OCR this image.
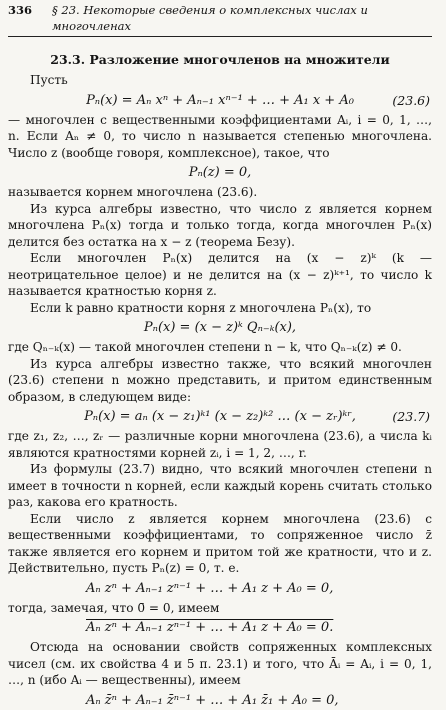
336 § 23. Некоторые сведения о комплексных числах и многочленах
23.3. Разложение многочленов на множители

Пусть

Pₙ(x) = Aₙ xⁿ + Aₙ₋₁ xⁿ⁻¹ + … + A₁ x + A₀	(23.6)

— многочлен с вещественными коэффициентами Aᵢ, i = 0, 1, …, n. Если Aₙ ≠ 0, то число n называется степенью многочлена. Число z (вообще говоря, комплексное), такое, что

Pₙ(z) = 0,

называется корнем многочлена (23.6).

Из курса алгебры известно, что число z является корнем многочлена Pₙ(x) тогда и только тогда, когда многочлен Pₙ(x) делится без остатка на x − z (теорема Безу).

Если многочлен Pₙ(x) делится на (x − z)ᵏ (k — неотрицательное целое) и не делится на (x − z)ᵏ⁺¹, то число k называется кратностью корня z.

Если k равно кратности корня z многочлена Pₙ(x), то

Pₙ(x) = (x − z)ᵏ Qₙ₋ₖ(x),

где Qₙ₋ₖ(x) — такой многочлен степени n − k, что Qₙ₋ₖ(z) ≠ 0.

Из курса алгебры известно также, что всякий многочлен (23.6) степени n можно представить, и притом единственным образом, в следующем виде:

Pₙ(x) = aₙ (x − z₁)ᵏ¹ (x − z₂)ᵏ² … (x − zᵣ)ᵏʳ,	(23.7)

где z₁, z₂, …, zᵣ — различные корни многочлена (23.6), а числа kᵢ являются кратностями корней zᵢ, i = 1, 2, …, r.

Из формулы (23.7) видно, что всякий многочлен степени n имеет в точности n корней, если каждый корень считать столько раз, какова его кратность.

Если число z является корнем многочлена (23.6) с вещественными коэффициентами, то сопряженное число z̄ также является его корнем и притом той же кратности, что и z. Действительно, пусть Pₙ(z) = 0, т. е.

Aₙ zⁿ + Aₙ₋₁ zⁿ⁻¹ + … + A₁ z + A₀ = 0,

тогда, замечая, что 0̄ = 0, имеем

Aₙ zⁿ + Aₙ₋₁ zⁿ⁻¹ + … + A₁ z + A₀ = 0.

Отсюда на основании свойств сопряженных комплексных чисел (см. их свойства 4 и 5 п. 23.1) и того, что Āᵢ = Aᵢ, i = 0, 1, …, n (ибо Aᵢ — вещественны), имеем

Aₙ z̄ⁿ + Aₙ₋₁ z̄ⁿ⁻¹ + … + A₁ z̄₁ + A₀ = 0,
